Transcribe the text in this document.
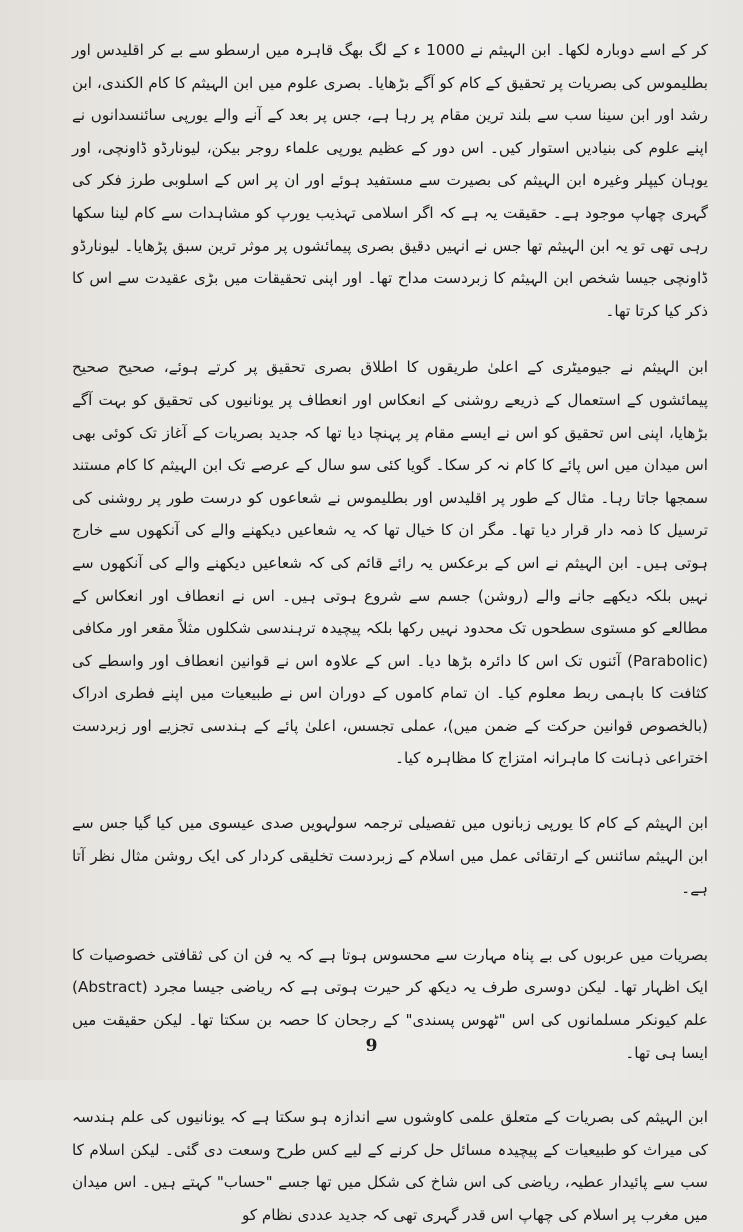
کر کے اسے دوبارہ لکھا۔ ابن الہیثم نے 1000 ء کے لگ بھگ قاہرہ میں ارسطو سے بے کر اقلیدس اور بطلیموس کی بصریات پر تحقیق کے کام کو آگے بڑھایا۔ بصری علوم میں ابن الہیثم کا کام الکندی، ابن رشد اور ابن سینا سب سے بلند ترین مقام پر رہا ہے، جس پر بعد کے آنے والے یورپی سائنسدانوں نے اپنے علوم کی بنیادیں استوار کیں۔ اس دور کے عظیم یورپی علماء روجر بیکن، لیونارڈو ڈاونچی، اور یوہان کیپلر وغیرہ ابن الہیثم کی بصیرت سے مستفید ہوئے اور ان پر اس کے اسلوبی طرز فکر کی گہری چھاپ موجود ہے۔ حقیقت یہ ہے کہ اگر اسلامی تہذیب یورپ کو مشاہدات سے کام لینا سکھا رہی تھی تو یہ ابن الہیثم تھا جس نے انہیں دقیق بصری پیمائشوں پر موثر ترین سبق پڑھایا۔ لیونارڈو ڈاونچی جیسا شخص ابن الہیثم کا زبردست مداح تھا۔ اور اپنی تحقیقات میں بڑی عقیدت سے اس کا ذکر کیا کرتا تھا۔

ابن الہیثم نے جیومیٹری کے اعلیٰ طریقوں کا اطلاق بصری تحقیق پر کرتے ہوئے، صحیح صحیح پیمائشوں کے استعمال کے ذریعے روشنی کے انعکاس اور انعطاف پر یونانیوں کی تحقیق کو بہت آگے بڑھایا، اپنی اس تحقیق کو اس نے ایسے مقام پر پہنچا دیا تھا کہ جدید بصریات کے آغاز تک کوئی بھی اس میدان میں اس پائے کا کام نہ کر سکا۔ گویا کئی سو سال کے عرصے تک ابن الہیثم کا کام مستند سمجھا جاتا رہا۔ مثال کے طور پر اقلیدس اور بطلیموس نے شعاعوں کو درست طور پر روشنی کی ترسیل کا ذمہ دار قرار دیا تھا۔ مگر ان کا خیال تھا کہ یہ شعاعیں دیکھنے والے کی آنکھوں سے خارج ہوتی ہیں۔ ابن الہیثم نے اس کے برعکس یہ رائے قائم کی کہ شعاعیں دیکھنے والے کی آنکھوں سے نہیں بلکہ دیکھے جانے والے (روشن) جسم سے شروع ہوتی ہیں۔ اس نے انعطاف اور انعکاس کے مطالعے کو مستوی سطحوں تک محدود نہیں رکھا بلکہ پیچیدہ ترہندسی شکلوں مثلاً مقعر اور مکافی (Parabolic) آئنوں تک اس کا دائرہ بڑھا دیا۔ اس کے علاوہ اس نے قوانین انعطاف اور واسطے کی کثافت کا باہمی ربط معلوم کیا۔ ان تمام کاموں کے دوران اس نے طبیعیات میں اپنے فطری ادراک (بالخصوص قوانین حرکت کے ضمن میں)، عملی تجسس، اعلیٰ پائے کے ہندسی تجزیے اور زبردست اختراعی ذہانت کا ماہرانہ امتزاج کا مظاہرہ کیا۔

ابن الہیثم کے کام کا یورپی زبانوں میں تفصیلی ترجمہ سولہویں صدی عیسوی میں کیا گیا جس سے ابن الہیثم سائنس کے ارتقائی عمل میں اسلام کے زبردست تخلیقی کردار کی ایک روشن مثال نظر آتا ہے۔

بصریات میں عربوں کی بے پناہ مہارت سے محسوس ہوتا ہے کہ یہ فن ان کی ثقافتی خصوصیات کا ایک اظہار تھا۔ لیکن دوسری طرف یہ دیکھ کر حیرت ہوتی ہے کہ ریاضی جیسا مجرد (Abstract) علم کیونکر مسلمانوں کی اس "ٹھوس پسندی" کے رجحان کا حصہ بن سکتا تھا۔ لیکن حقیقت میں ایسا ہی تھا۔

ابن الہیثم کی بصریات کے متعلق علمی کاوشوں سے اندازہ ہو سکتا ہے کہ یونانیوں کی علم ہندسہ کی میراث کو طبیعیات کے پیچیدہ مسائل حل کرنے کے لیے کس طرح وسعت دی گئی۔ لیکن اسلام کا سب سے پائیدار عطیہ، ریاضی کی اس شاخ کی شکل میں تھا جسے "حساب" کہتے ہیں۔ اس میدان میں مغرب پر اسلام کی چھاپ اس قدر گہری تھی کہ جدید عددی نظام کو

9
